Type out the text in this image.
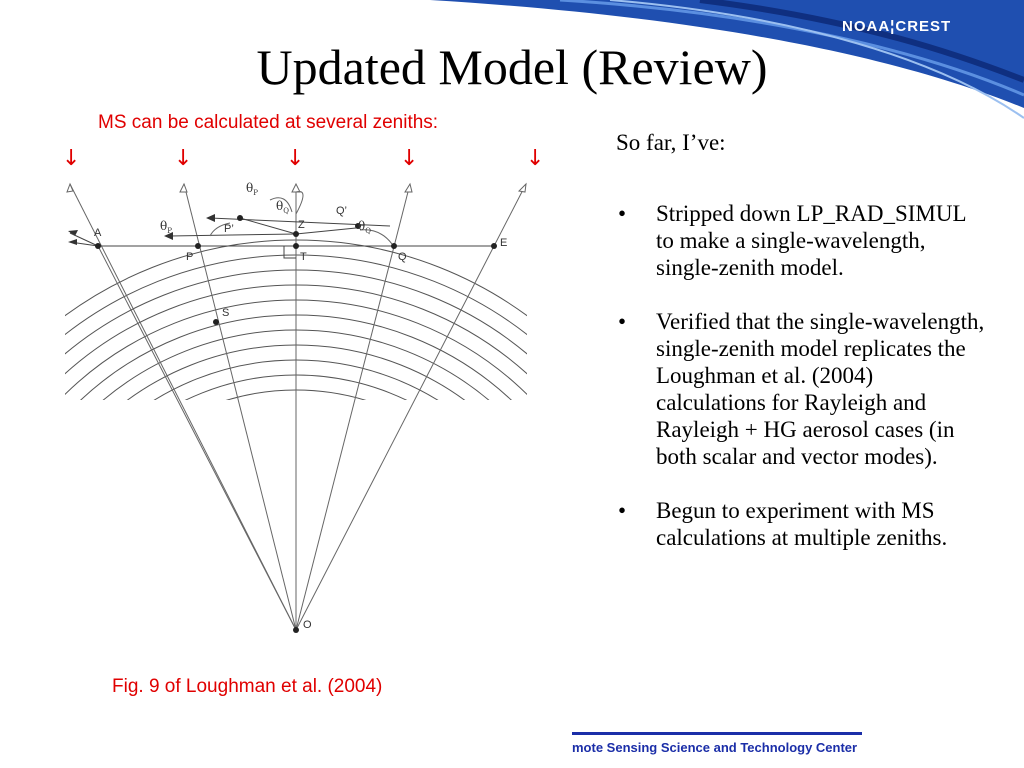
NOAA¦CREST
Updated Model (Review)
MS can be calculated at several zeniths:
↓	↓	↓	↓	↓
A
P
P’	Z
T	Q
Q’
E
S
O
$\theta_P$
$\theta_Q$
$\theta_P$	$\theta_Q$
Fig. 9 of Loughman et al. (2004)
So far, I’ve:
• Stripped down LP_RAD_SIMUL to make a single-wavelength, single-zenith model.
• Verified that the single-wavelength, single-zenith model replicates the Loughman et al. (2004) calculations for Rayleigh and Rayleigh + HG aerosol cases (in both scalar and vector modes).
• Begun to experiment with MS calculations at multiple zeniths.
mote Sensing Science and Technology Center
